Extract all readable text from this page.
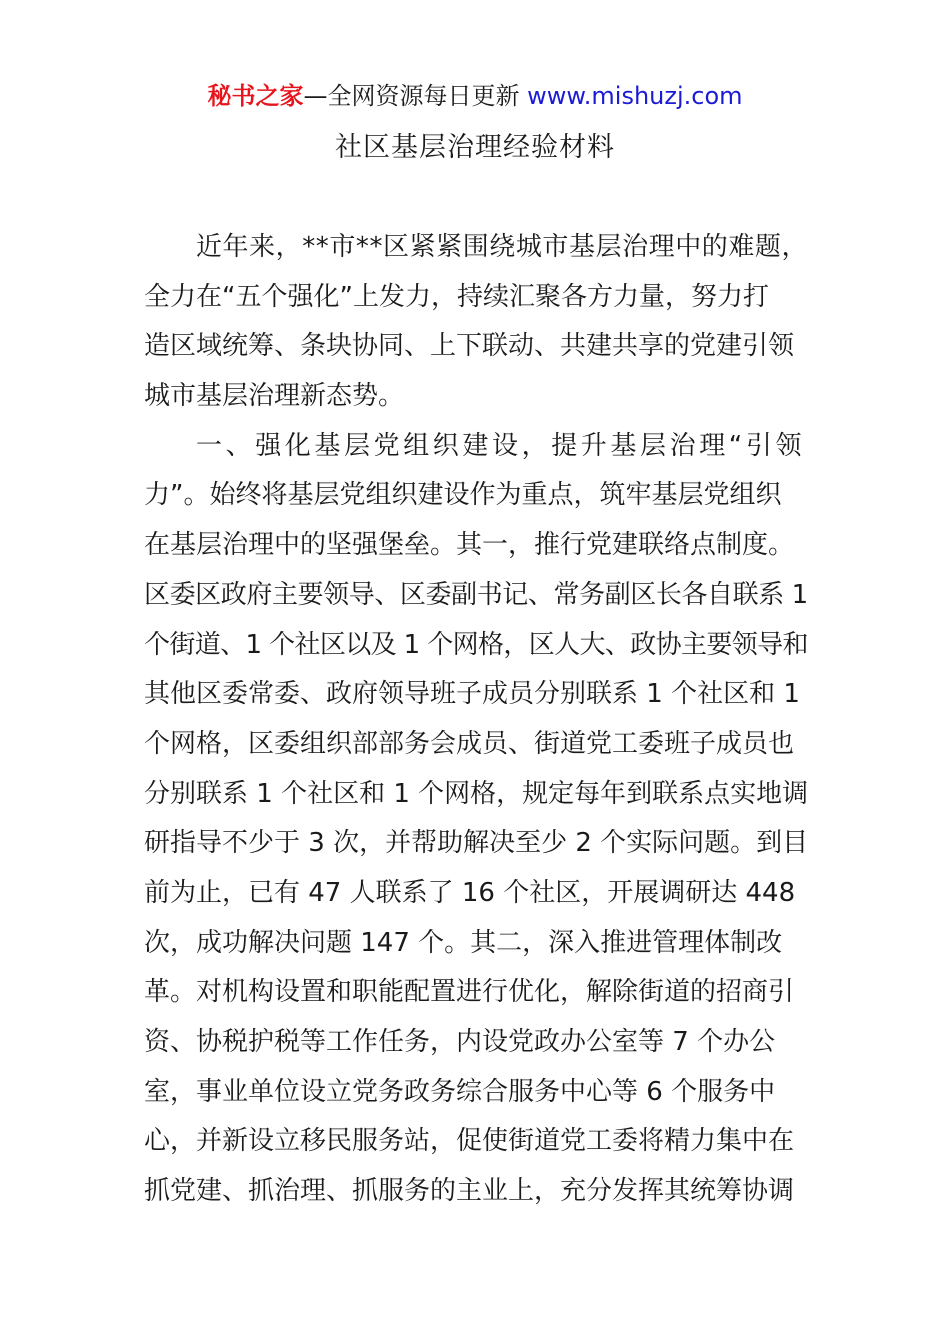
秘书之家—全网资源每日更新 www.mishuzj.com
社区基层治理经验材料
近年来，**市**区紧紧围绕城市基层治理中的难题，
全力在“五个强化”上发力，持续汇聚各方力量，努力打
造区域统筹、条块协同、上下联动、共建共享的党建引领
城市基层治理新态势。
一、强化基层党组织建设，提升基层治理“引领
力”。始终将基层党组织建设作为重点，筑牢基层党组织
在基层治理中的坚强堡垒。其一，推行党建联络点制度。
区委区政府主要领导、区委副书记、常务副区长各自联系 1
个街道、1 个社区以及 1 个网格，区人大、政协主要领导和
其他区委常委、政府领导班子成员分别联系 1 个社区和 1
个网格，区委组织部部务会成员、街道党工委班子成员也
分别联系 1 个社区和 1 个网格，规定每年到联系点实地调
研指导不少于 3 次，并帮助解决至少 2 个实际问题。到目
前为止，已有 47 人联系了 16 个社区，开展调研达 448
次，成功解决问题 147 个。其二，深入推进管理体制改
革。对机构设置和职能配置进行优化，解除街道的招商引
资、协税护税等工作任务，内设党政办公室等 7 个办公
室，事业单位设立党务政务综合服务中心等 6 个服务中
心，并新设立移民服务站，促使街道党工委将精力集中在
抓党建、抓治理、抓服务的主业上，充分发挥其统筹协调
